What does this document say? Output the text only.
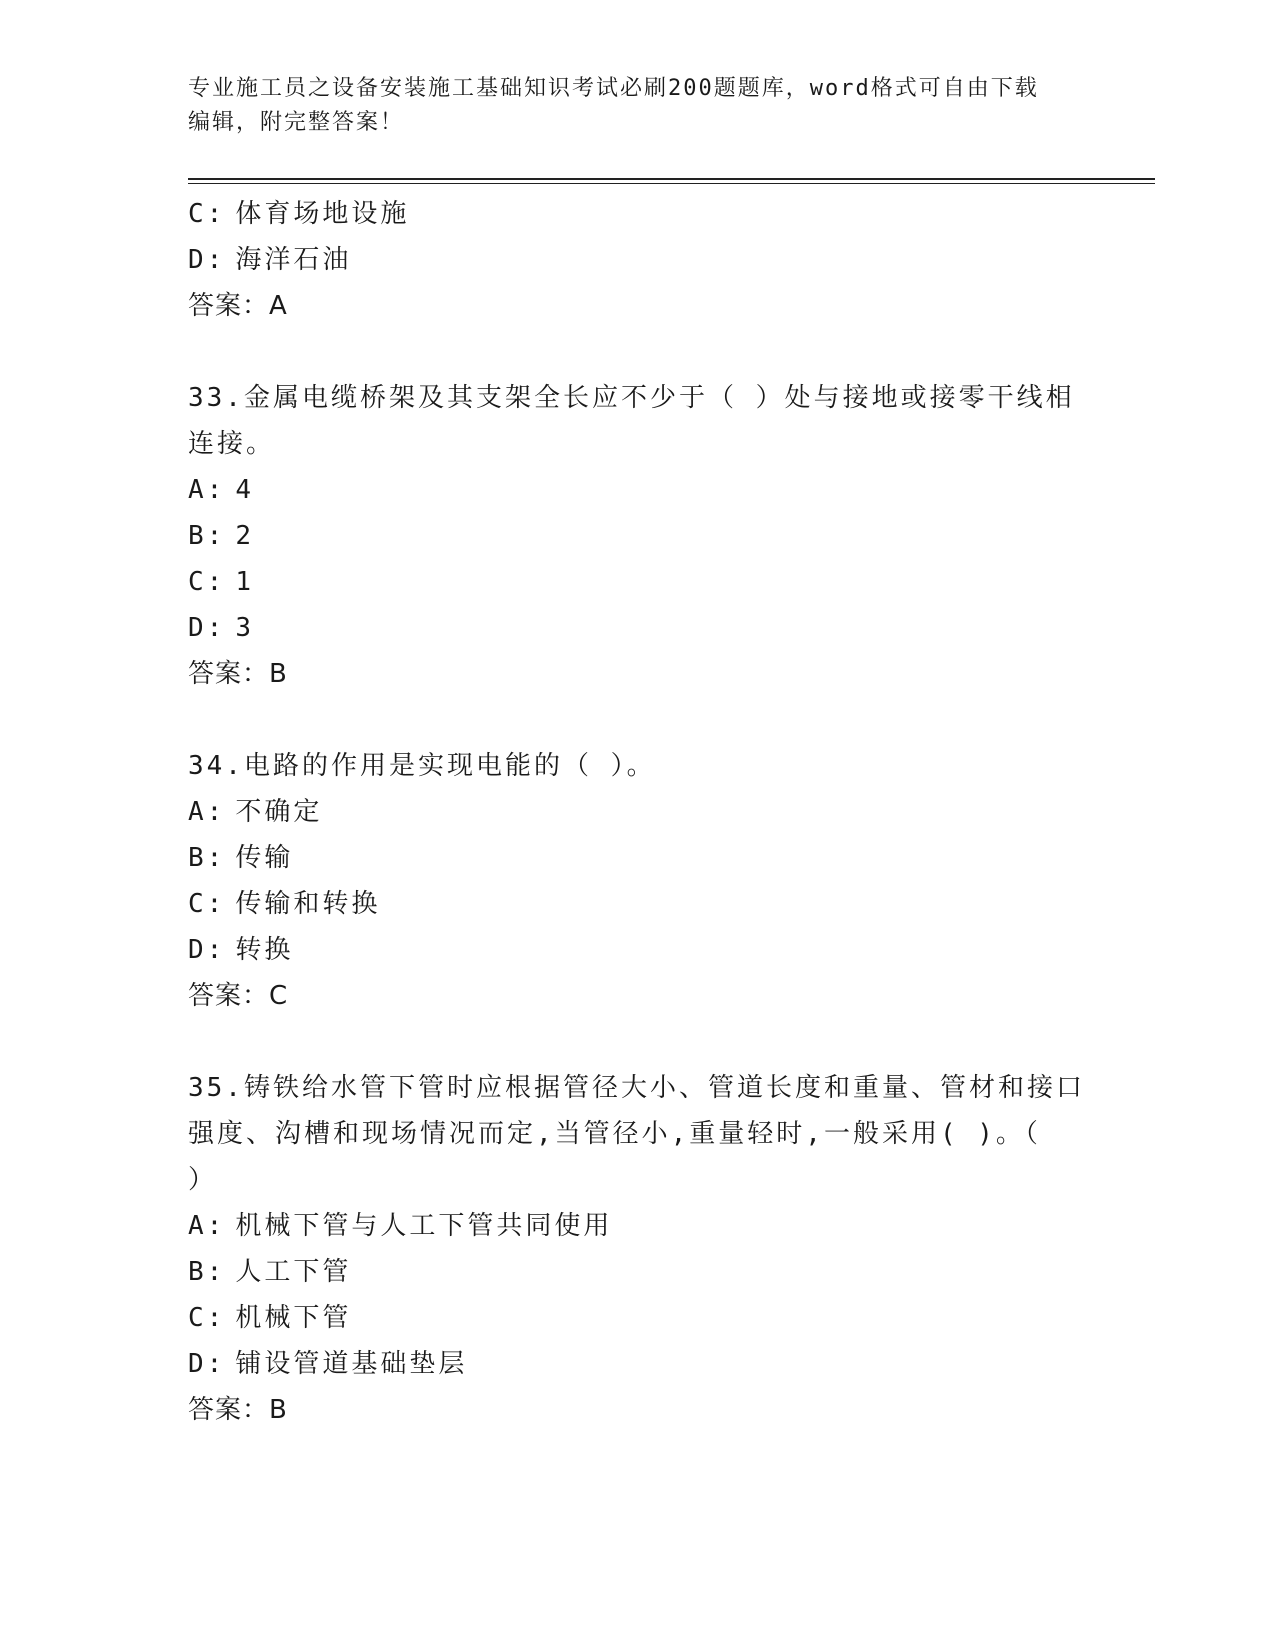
专业施工员之设备安装施工基础知识考试必刷200题题库，word格式可自由下载
编辑，附完整答案！
C: 体育场地设施
D: 海洋石油
答案：A
33.金属电缆桥架及其支架全长应不少于（ ）处与接地或接零干线相
连接。
A: 4
B: 2
C: 1
D: 3
答案：B
34.电路的作用是实现电能的（ ）。
A: 不确定
B: 传输
C: 传输和转换
D: 转换
答案：C
35.铸铁给水管下管时应根据管径大小、管道长度和重量、管材和接口
强度、沟槽和现场情况而定,当管径小,重量轻时,一般采用( )。（
）
A: 机械下管与人工下管共同使用
B: 人工下管
C: 机械下管
D: 铺设管道基础垫层
答案：B
